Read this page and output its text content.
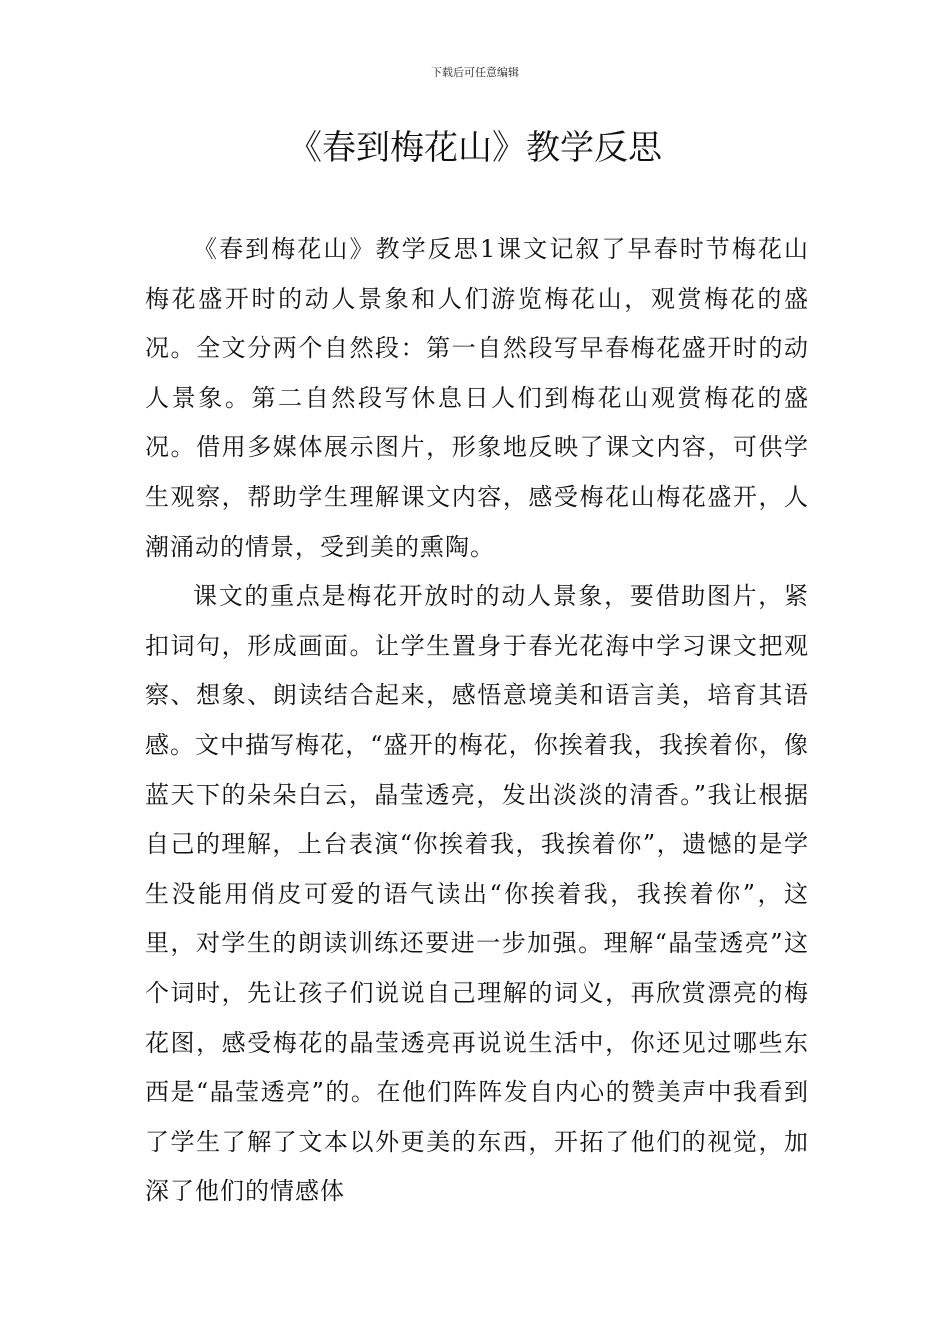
下载后可任意编辑
《春到梅花山》教学反思

《春到梅花山》教学反思1课文记叙了早春时节梅花山梅花盛开时的动人景象和人们游览梅花山，观赏梅花的盛况。全文分两个自然段：第一自然段写早春梅花盛开时的动人景象。第二自然段写休息日人们到梅花山观赏梅花的盛况。借用多媒体展示图片，形象地反映了课文内容，可供学生观察，帮助学生理解课文内容，感受梅花山梅花盛开，人潮涌动的情景，受到美的熏陶。

课文的重点是梅花开放时的动人景象，要借助图片，紧扣词句，形成画面。让学生置身于春光花海中学习课文把观察、想象、朗读结合起来，感悟意境美和语言美，培育其语感。文中描写梅花，“盛开的梅花，你挨着我，我挨着你，像蓝天下的朵朵白云，晶莹透亮，发出淡淡的清香。”我让根据自己的理解，上台表演“你挨着我，我挨着你”，遗憾的是学生没能用俏皮可爱的语气读出“你挨着我，我挨着你”，这里，对学生的朗读训练还要进一步加强。理解“晶莹透亮”这个词时，先让孩子们说说自己理解的词义，再欣赏漂亮的梅花图，感受梅花的晶莹透亮再说说生活中，你还见过哪些东西是“晶莹透亮”的。在他们阵阵发自内心的赞美声中我看到了学生了解了文本以外更美的东西，开拓了他们的视觉，加深了他们的情感体
